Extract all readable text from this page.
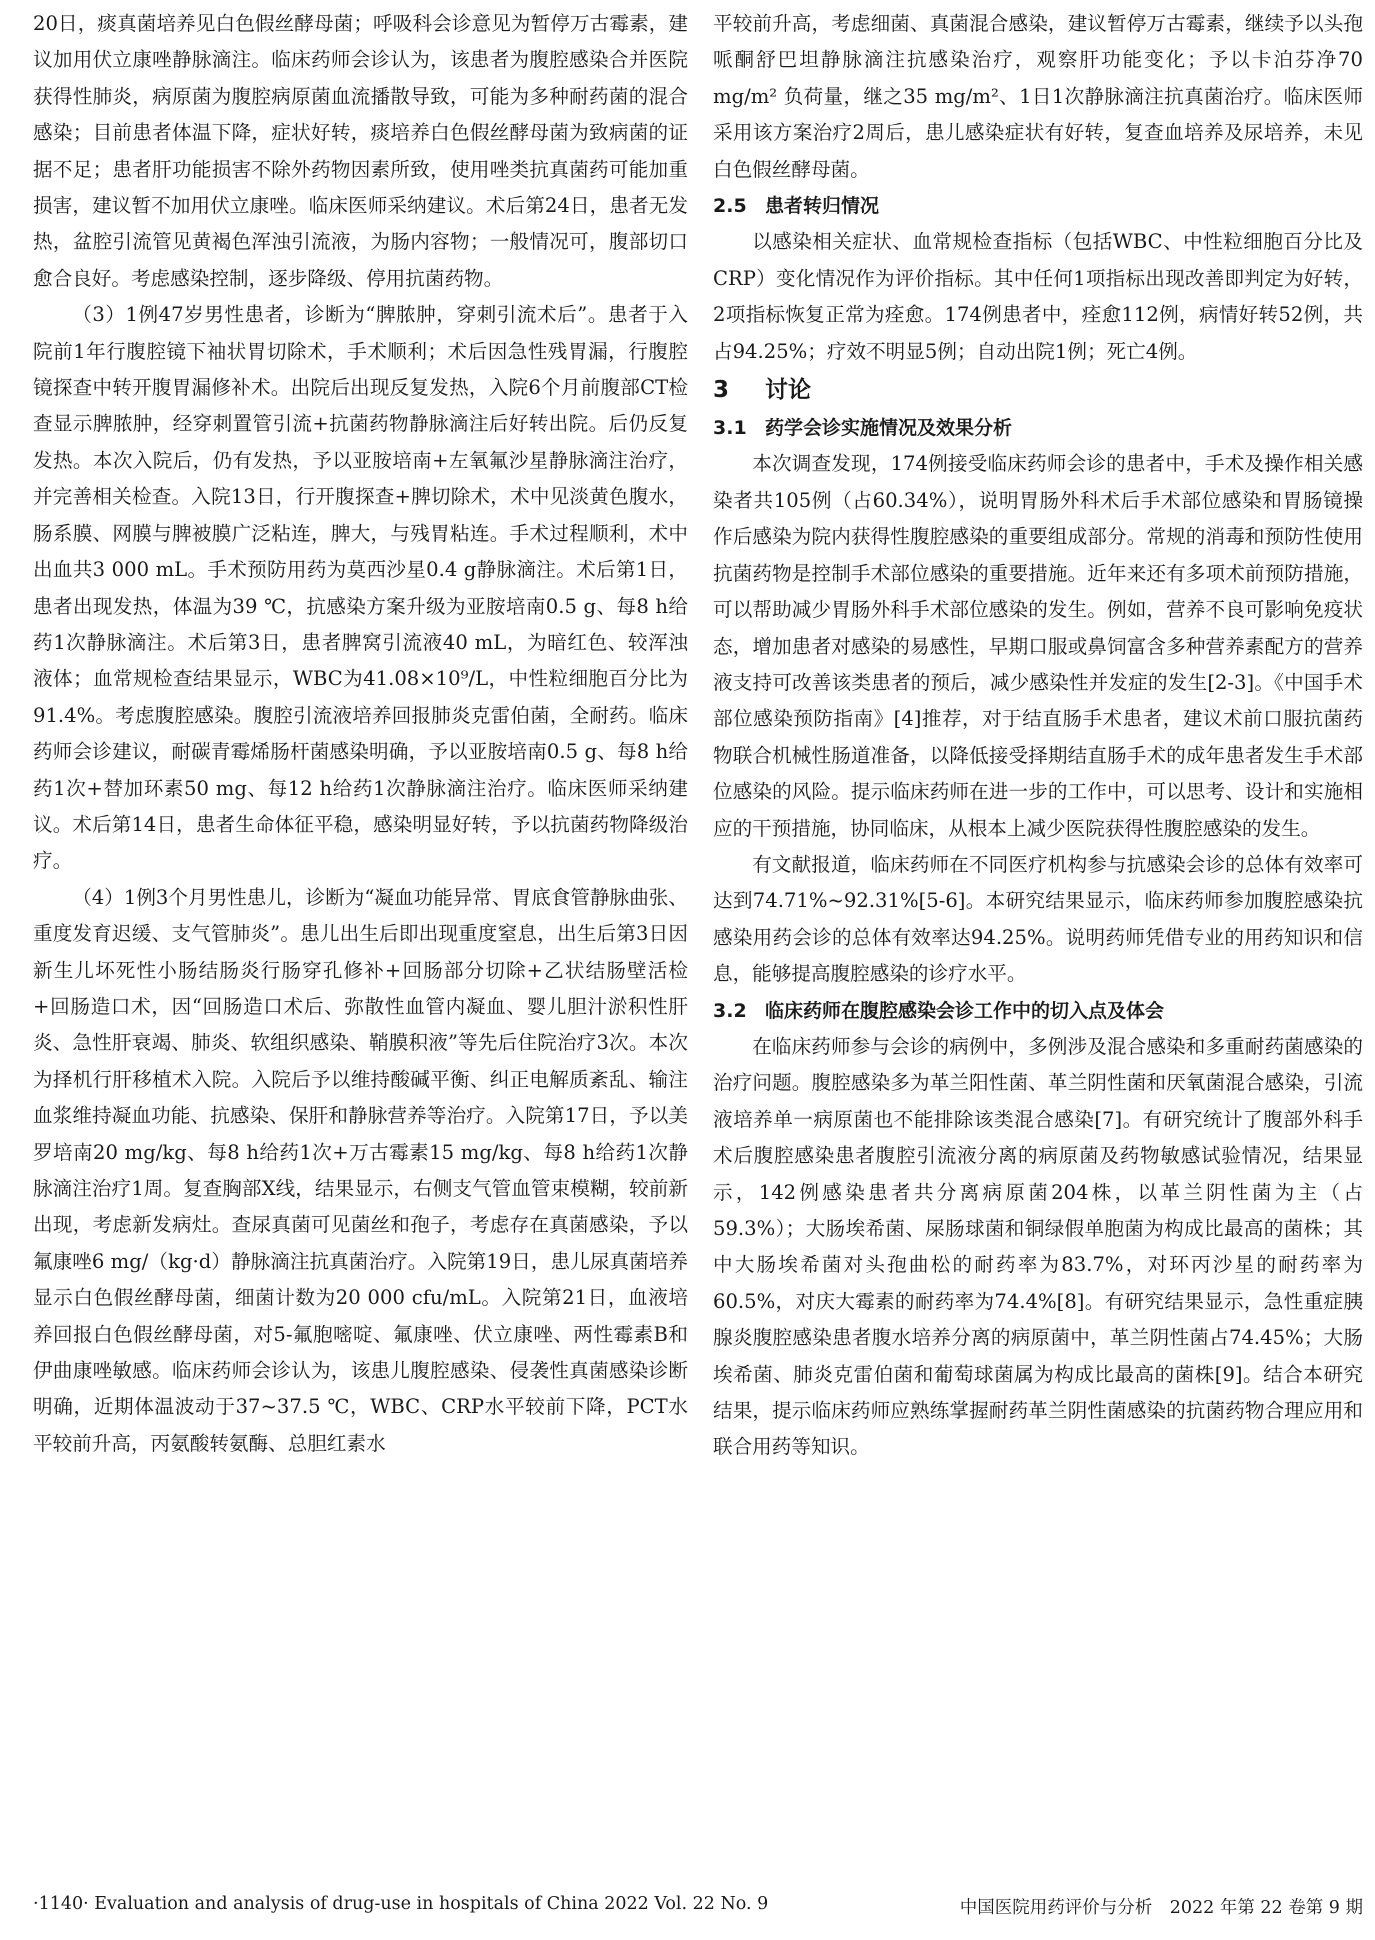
20日，痰真菌培养见白色假丝酵母菌；呼吸科会诊意见为暂停万古霉素，建议加用伏立康唑静脉滴注。临床药师会诊认为，该患者为腹腔感染合并医院获得性肺炎，病原菌为腹腔病原菌血流播散导致，可能为多种耐药菌的混合感染；目前患者体温下降，症状好转，痰培养白色假丝酵母菌为致病菌的证据不足；患者肝功能损害不除外药物因素所致，使用唑类抗真菌药可能加重损害，建议暂不加用伏立康唑。临床医师采纳建议。术后第24日，患者无发热，盆腔引流管见黄褐色浑浊引流液，为肠内容物；一般情况可，腹部切口愈合良好。考虑感染控制，逐步降级、停用抗菌药物。

（3）1例47岁男性患者，诊断为“脾脓肿，穿刺引流术后”。患者于入院前1年行腹腔镜下袖状胃切除术，手术顺利；术后因急性残胃漏，行腹腔镜探查中转开腹胃漏修补术。出院后出现反复发热，入院6个月前腹部CT检查显示脾脓肿，经穿刺置管引流+抗菌药物静脉滴注后好转出院。后仍反复发热。本次入院后，仍有发热，予以亚胺培南+左氧氟沙星静脉滴注治疗，并完善相关检查。入院13日，行开腹探查+脾切除术，术中见淡黄色腹水，肠系膜、网膜与脾被膜广泛粘连，脾大，与残胃粘连。手术过程顺利，术中出血共3 000 mL。手术预防用药为莫西沙星0.4 g静脉滴注。术后第1日，患者出现发热，体温为39 ℃，抗感染方案升级为亚胺培南0.5 g、每8 h给药1次静脉滴注。术后第3日，患者脾窝引流液40 mL，为暗红色、较浑浊液体；血常规检查结果显示，WBC为41.08×10⁹/L，中性粒细胞百分比为91.4%。考虑腹腔感染。腹腔引流液培养回报肺炎克雷伯菌，全耐药。临床药师会诊建议，耐碳青霉烯肠杆菌感染明确，予以亚胺培南0.5 g、每8 h给药1次+替加环素50 mg、每12 h给药1次静脉滴注治疗。临床医师采纳建议。术后第14日，患者生命体征平稳，感染明显好转，予以抗菌药物降级治疗。

（4）1例3个月男性患儿，诊断为“凝血功能异常、胃底食管静脉曲张、重度发育迟缓、支气管肺炎”。患儿出生后即出现重度窒息，出生后第3日因新生儿坏死性小肠结肠炎行肠穿孔修补+回肠部分切除+乙状结肠壁活检+回肠造口术，因“回肠造口术后、弥散性血管内凝血、婴儿胆汁淤积性肝炎、急性肝衰竭、肺炎、软组织感染、鞘膜积液”等先后住院治疗3次。本次为择机行肝移植术入院。入院后予以维持酸碱平衡、纠正电解质紊乱、输注血浆维持凝血功能、抗感染、保肝和静脉营养等治疗。入院第17日，予以美罗培南20 mg/kg、每8 h给药1次+万古霉素15 mg/kg、每8 h给药1次静脉滴注治疗1周。复查胸部X线，结果显示，右侧支气管血管束模糊，较前新出现，考虑新发病灶。查尿真菌可见菌丝和孢子，考虑存在真菌感染，予以氟康唑6 mg/（kg·d）静脉滴注抗真菌治疗。入院第19日，患儿尿真菌培养显示白色假丝酵母菌，细菌计数为20 000 cfu/mL。入院第21日，血液培养回报白色假丝酵母菌，对5-氟胞嘧啶、氟康唑、伏立康唑、两性霉素B和伊曲康唑敏感。临床药师会诊认为，该患儿腹腔感染、侵袭性真菌感染诊断明确，近期体温波动于37~37.5 ℃，WBC、CRP水平较前下降，PCT水平较前升高，丙氨酸转氨酶、总胆红素水

平较前升高，考虑细菌、真菌混合感染，建议暂停万古霉素，继续予以头孢哌酮舒巴坦静脉滴注抗感染治疗，观察肝功能变化；予以卡泊芬净70 mg/m² 负荷量，继之35 mg/m²、1日1次静脉滴注抗真菌治疗。临床医师采用该方案治疗2周后，患儿感染症状有好转，复查血培养及尿培养，未见白色假丝酵母菌。

2.5 患者转归情况

以感染相关症状、血常规检查指标（包括WBC、中性粒细胞百分比及CRP）变化情况作为评价指标。其中任何1项指标出现改善即判定为好转，2项指标恢复正常为痊愈。174例患者中，痊愈112例，病情好转52例，共占94.25%；疗效不明显5例；自动出院1例；死亡4例。

3 讨论
3.1 药学会诊实施情况及效果分析

本次调查发现，174例接受临床药师会诊的患者中，手术及操作相关感染者共105例（占60.34%），说明胃肠外科术后手术部位感染和胃肠镜操作后感染为院内获得性腹腔感染的重要组成部分。常规的消毒和预防性使用抗菌药物是控制手术部位感染的重要措施。近年来还有多项术前预防措施，可以帮助减少胃肠外科手术部位感染的发生。例如，营养不良可影响免疫状态，增加患者对感染的易感性，早期口服或鼻饲富含多种营养素配方的营养液支持可改善该类患者的预后，减少感染性并发症的发生[2-3]。《中国手术部位感染预防指南》[4]推荐，对于结直肠手术患者，建议术前口服抗菌药物联合机械性肠道准备，以降低接受择期结直肠手术的成年患者发生手术部位感染的风险。提示临床药师在进一步的工作中，可以思考、设计和实施相应的干预措施，协同临床，从根本上减少医院获得性腹腔感染的发生。

有文献报道，临床药师在不同医疗机构参与抗感染会诊的总体有效率可达到74.71%~92.31%[5-6]。本研究结果显示，临床药师参加腹腔感染抗感染用药会诊的总体有效率达94.25%。说明药师凭借专业的用药知识和信息，能够提高腹腔感染的诊疗水平。

3.2 临床药师在腹腔感染会诊工作中的切入点及体会

在临床药师参与会诊的病例中，多例涉及混合感染和多重耐药菌感染的治疗问题。腹腔感染多为革兰阳性菌、革兰阴性菌和厌氧菌混合感染，引流液培养单一病原菌也不能排除该类混合感染[7]。有研究统计了腹部外科手术后腹腔感染患者腹腔引流液分离的病原菌及药物敏感试验情况，结果显示，142例感染患者共分离病原菌204株，以革兰阴性菌为主（占59.3%）；大肠埃希菌、屎肠球菌和铜绿假单胞菌为构成比最高的菌株；其中大肠埃希菌对头孢曲松的耐药率为83.7%，对环丙沙星的耐药率为60.5%，对庆大霉素的耐药率为74.4%[8]。有研究结果显示，急性重症胰腺炎腹腔感染患者腹水培养分离的病原菌中，革兰阴性菌占74.45%；大肠埃希菌、肺炎克雷伯菌和葡萄球菌属为构成比最高的菌株[9]。结合本研究结果，提示临床药师应熟练掌握耐药革兰阴性菌感染的抗菌药物合理应用和联合用药等知识。

·1140· Evaluation and analysis of drug-use in hospitals of China 2022 Vol. 22 No. 9	中国医院用药评价与分析　2022 年第 22 卷第 9 期
